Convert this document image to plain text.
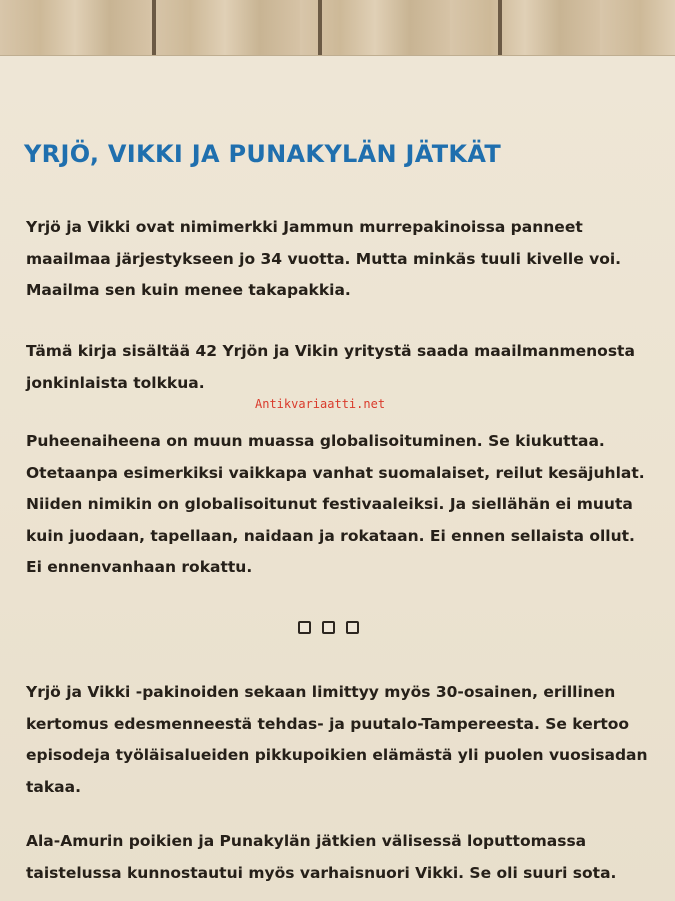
YRJÖ, VIKKI JA PUNAKYLÄN JÄTKÄT

Yrjö ja Vikki ovat nimimerkki Jammun murrepakinoissa panneet maailmaa järjestykseen jo 34 vuotta. Mutta minkäs tuuli kivelle voi. Maailma sen kuin menee takapakkia.

Tämä kirja sisältää 42 Yrjön ja Vikin yritystä saada maailmanmenosta jonkinlaista tolkkua.

Antikvariaatti.net

Puheenaiheena on muun muassa globalisoituminen. Se kiukuttaa. Otetaanpa esimerkiksi vaikkapa vanhat suomalaiset, reilut kesäjuhlat. Niiden nimikin on globalisoitunut festivaaleiksi. Ja siellähän ei muuta kuin juodaan, tapellaan, naidaan ja rokataan. Ei ennen sellaista ollut. Ei ennenvanhaan rokattu.

Yrjö ja Vikki -pakinoiden sekaan limittyy myös 30-osainen, erillinen kertomus edesmenneestä tehdas- ja puutalo-Tampereesta. Se kertoo episodeja työläisalueiden pikkupoikien elämästä yli puolen vuosisadan takaa.

Ala-Amurin poikien ja Punakylän jätkien välisessä loputtomassa taistelussa kunnostautui myös varhaisnuori Vikki. Se oli suuri sota.
